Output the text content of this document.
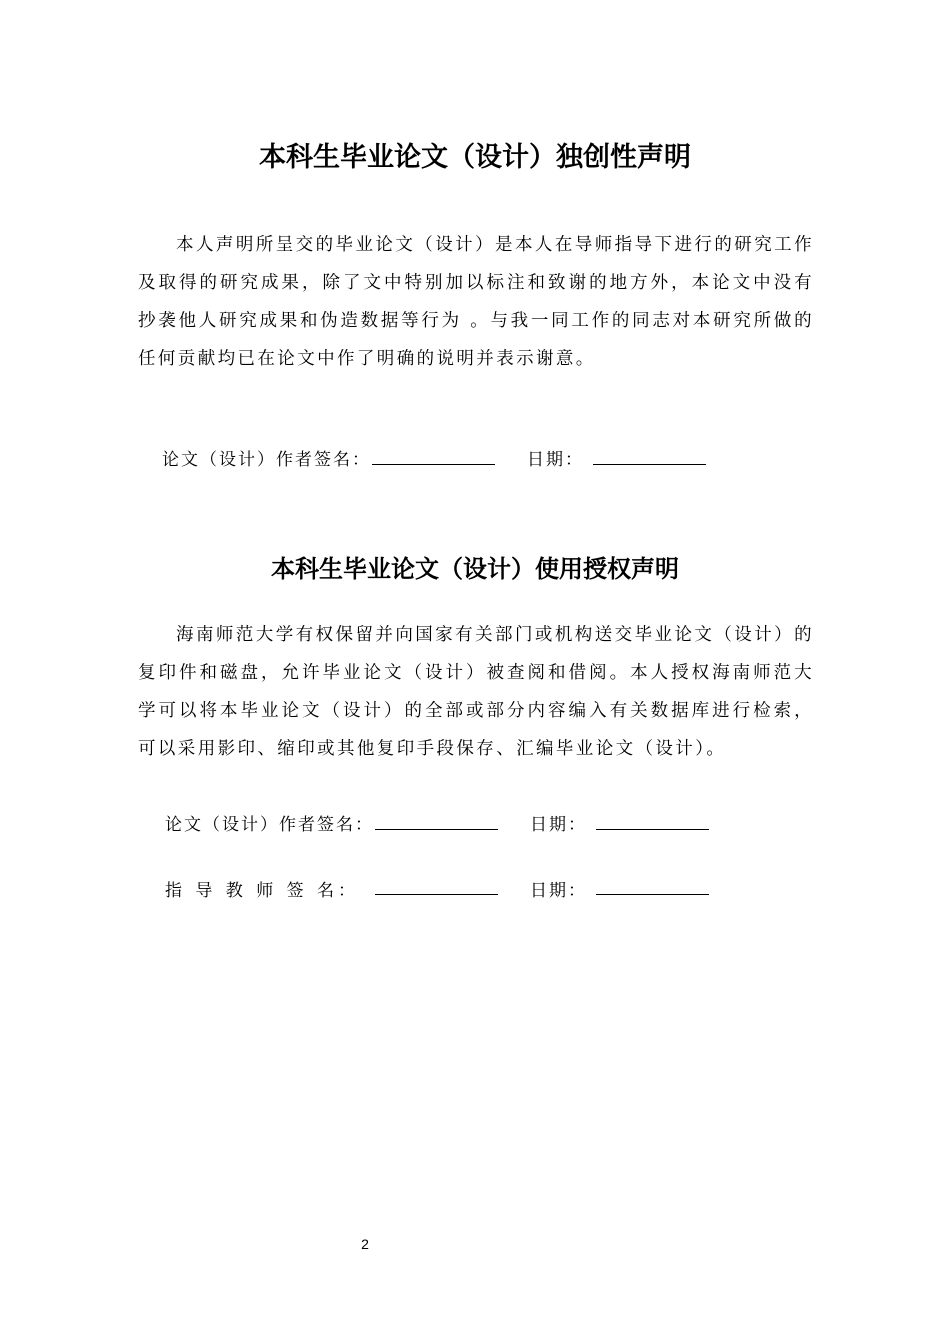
本科生毕业论文（设计）独创性声明

本人声明所呈交的毕业论文（设计）是本人在导师指导下进行的研究工作及取得的研究成果，除了文中特别加以标注和致谢的地方外，本论文中没有抄袭他人研究成果和伪造数据等行为 。与我一同工作的同志对本研究所做的任何贡献均已在论文中作了明确的说明并表示谢意。

论文（设计）作者签名：	日期：
本科生毕业论文（设计）使用授权声明

海南师范大学有权保留并向国家有关部门或机构送交毕业论文（设计）的复印件和磁盘，允许毕业论文（设计）被查阅和借阅。本人授权海南师范大学可以将本毕业论文（设计）的全部或部分内容编入有关数据库进行检索，可以采用影印、缩印或其他复印手段保存、汇编毕业论文（设计）。

论文（设计）作者签名：	日期：
指 导 教 师 签 名：	日期：
2
